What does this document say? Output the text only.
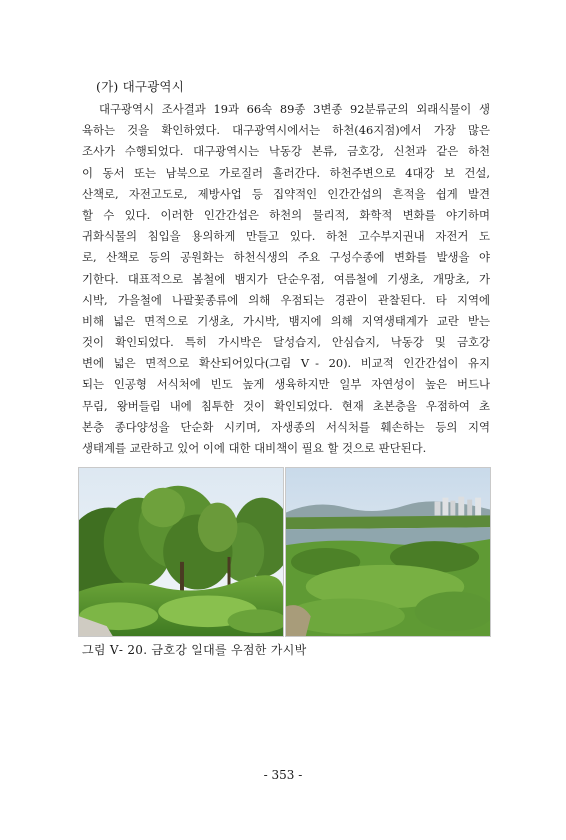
(가) 대구광역시
대구광역시 조사결과 19과 66속 89종 3변종 92분류군의 외래식물이 생
육하는 것을 확인하였다. 대구광역시에서는 하천(46지점)에서 가장 많은
조사가 수행되었다. 대구광역시는 낙동강 본류, 금호강, 신천과 같은 하천
이 동서 또는 남북으로 가로질러 흘러간다. 하천주변으로 4대강 보 건설,
산책로, 자전고도로, 제방사업 등 집약적인 인간간섭의 흔적을 쉽게 발견
할 수 있다. 이러한 인간간섭은 하천의 물리적, 화학적 변화를 야기하며
귀화식물의 침입을 용의하게 만들고 있다. 하천 고수부지권내 자전거 도
로, 산책로 등의 공원화는 하천식생의 주요 구성수종에 변화를 발생을 야
기한다. 대표적으로 봄철에 뱀지가 단순우점, 여름철에 기생초, 개망초, 가
시박, 가을철에 나팔꽃종류에 의해 우점되는 경관이 관찰된다. 타 지역에
비해 넓은 면적으로 기생초, 가시박, 뱀지에 의해 지역생태계가 교란 받는
것이 확인되었다. 특히 가시박은 달성습지, 안심습지, 낙동강 및 금호강
변에 넓은 면적으로 확산되어있다(그림 Ⅴ- 20). 비교적 인간간섭이 유지
되는 인공형 서식처에 빈도 높게 생육하지만 일부 자연성이 높은 버드나
무림, 왕버들림 내에 침투한 것이 확인되었다. 현재 초본층을 우점하여 초
본층 종다양성을 단순화 시키며, 자생종의 서식처를 훼손하는 등의 지역
생태계를 교란하고 있어 이에 대한 대비책이 필요 할 것으로 판단된다.
그림 Ⅴ- 20. 금호강 일대를 우점한 가시박
- 353 -
